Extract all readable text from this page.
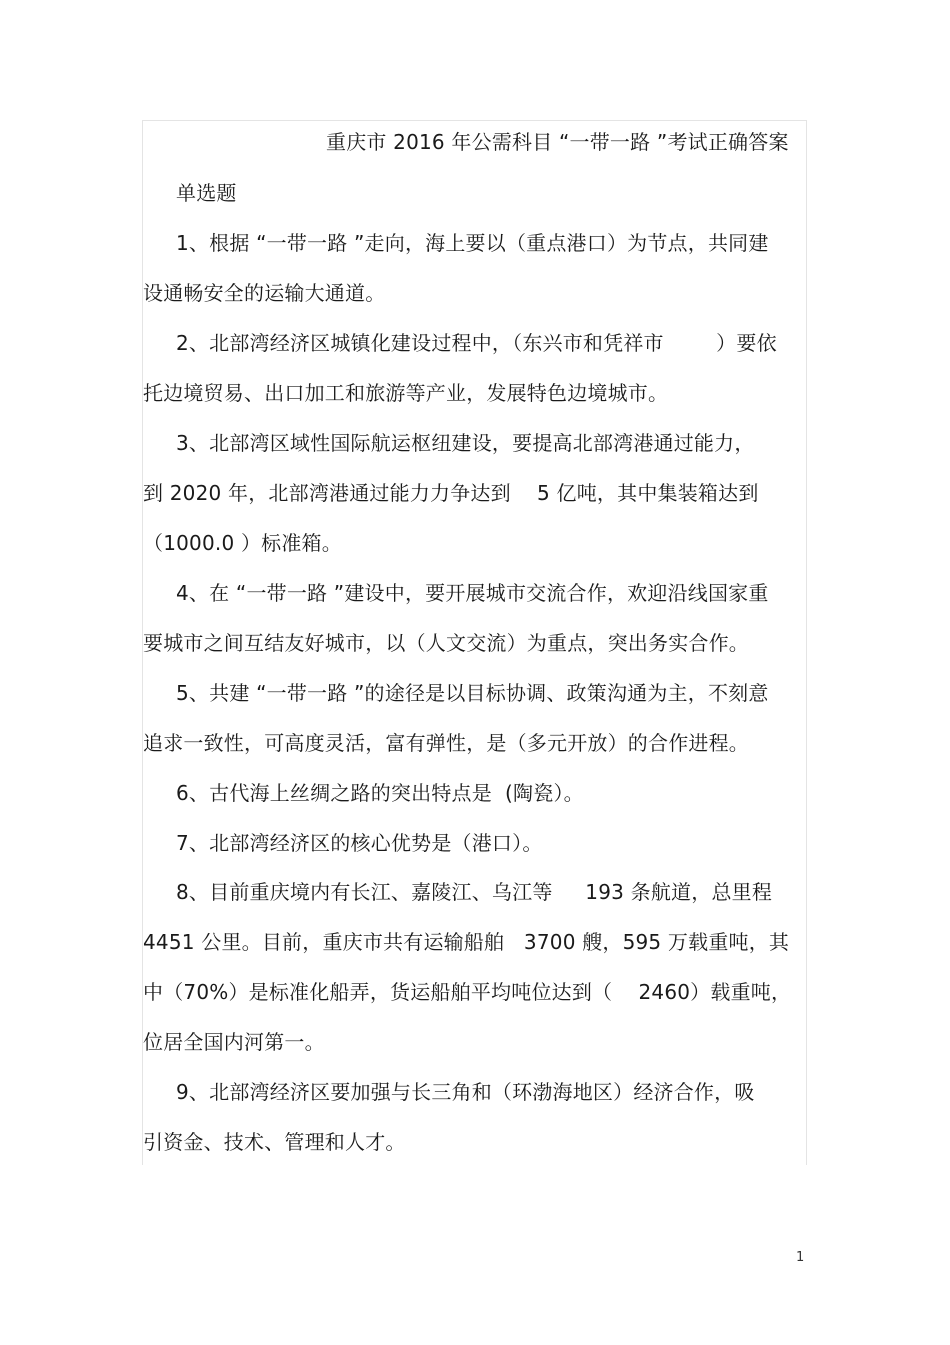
重庆市 2016 年公需科目 “一带一路 ”考试正确答案
单选题
1、根据 “一带一路 ”走向，海上要以（重点港口）为节点，共同建
设通畅安全的运输大通道。
2、北部湾经济区城镇化建设过程中，（东兴市和凭祥市        ）要依
托边境贸易、出口加工和旅游等产业，发展特色边境城市。
3、北部湾区域性国际航运枢纽建设，要提高北部湾港通过能力，
到 2020 年，北部湾港通过能力力争达到    5 亿吨，其中集装箱达到
（1000.0 ）标准箱。
4、在 “一带一路 ”建设中，要开展城市交流合作，欢迎沿线国家重
要城市之间互结友好城市，以（人文交流）为重点，突出务实合作。
5、共建 “一带一路 ”的途径是以目标协调、政策沟通为主，不刻意
追求一致性，可高度灵活，富有弹性，是（多元开放）的合作进程。
6、古代海上丝绸之路的突出特点是  (陶瓷）。
7、北部湾经济区的核心优势是（港口）。
8、目前重庆境内有长江、嘉陵江、乌江等     193 条航道，总里程
4451 公里。目前，重庆市共有运输船舶   3700 艘，595 万载重吨，其
中（70%）是标准化船弄，货运船舶平均吨位达到（    2460）载重吨，
位居全国内河第一。
9、北部湾经济区要加强与长三角和（环渤海地区）经济合作，吸
引资金、技术、管理和人才。
1
